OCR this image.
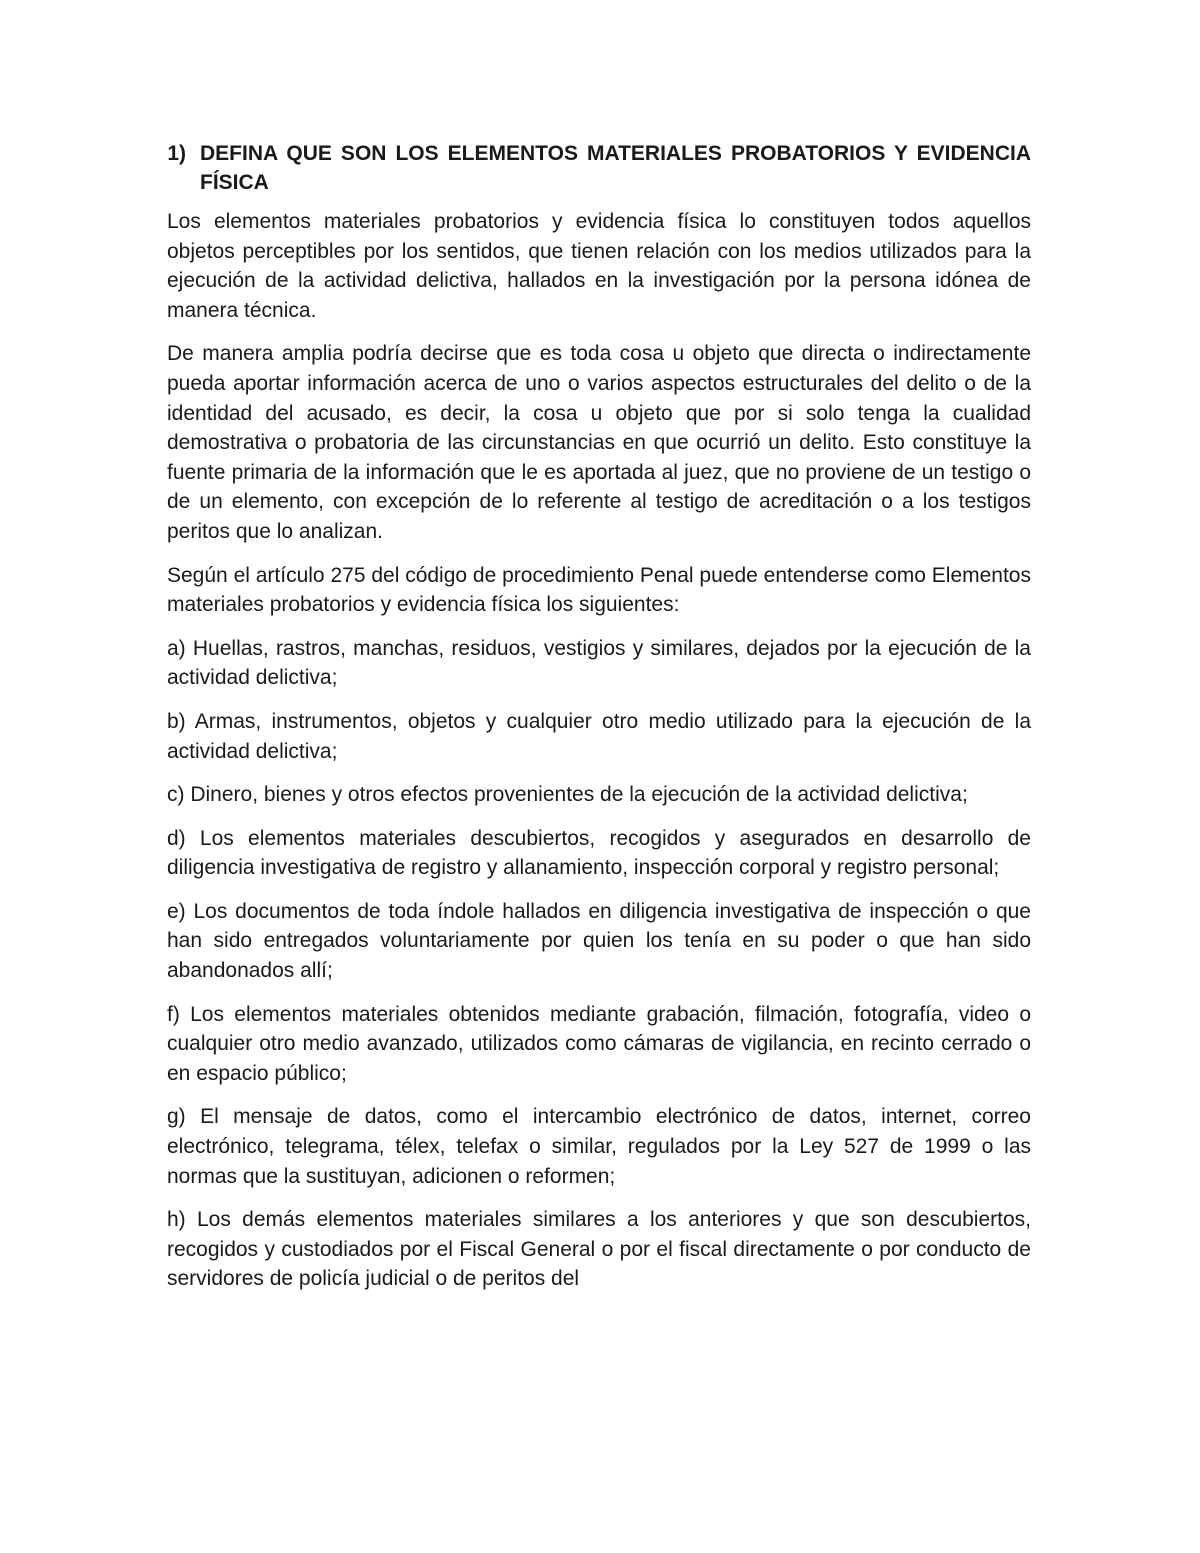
1) DEFINA QUE SON LOS ELEMENTOS MATERIALES PROBATORIOS Y EVIDENCIA FÍSICA

Los elementos materiales probatorios y evidencia física lo constituyen todos aquellos objetos perceptibles por los sentidos, que tienen relación con los medios utilizados para la ejecución de la actividad delictiva, hallados en la investigación por la persona idónea de manera técnica.

De manera amplia podría decirse que es toda cosa u objeto que directa o indirectamente pueda aportar información acerca de uno o varios aspectos estructurales del delito o de la identidad del acusado, es decir, la cosa u objeto que por si solo tenga la cualidad demostrativa o probatoria de las circunstancias en que ocurrió un delito. Esto constituye la fuente primaria de la información que le es aportada al juez, que no proviene de un testigo o de un elemento, con excepción de lo referente al testigo de acreditación o a los testigos peritos que lo analizan.

Según el artículo 275 del código de procedimiento Penal puede entenderse como Elementos materiales probatorios y evidencia física los siguientes:

a) Huellas, rastros, manchas, residuos, vestigios y similares, dejados por la ejecución de la actividad delictiva;

b) Armas, instrumentos, objetos y cualquier otro medio utilizado para la ejecución de la actividad delictiva;

c) Dinero, bienes y otros efectos provenientes de la ejecución de la actividad delictiva;

d) Los elementos materiales descubiertos, recogidos y asegurados en desarrollo de diligencia investigativa de registro y allanamiento, inspección corporal y registro personal;

e) Los documentos de toda índole hallados en diligencia investigativa de inspección o que han sido entregados voluntariamente por quien los tenía en su poder o que han sido abandonados allí;

f) Los elementos materiales obtenidos mediante grabación, filmación, fotografía, video o cualquier otro medio avanzado, utilizados como cámaras de vigilancia, en recinto cerrado o en espacio público;

g) El mensaje de datos, como el intercambio electrónico de datos, internet, correo electrónico, telegrama, télex, telefax o similar, regulados por la Ley 527 de 1999 o las normas que la sustituyan, adicionen o reformen;

h) Los demás elementos materiales similares a los anteriores y que son descubiertos, recogidos y custodiados por el Fiscal General o por el fiscal directamente o por conducto de servidores de policía judicial o de peritos del
